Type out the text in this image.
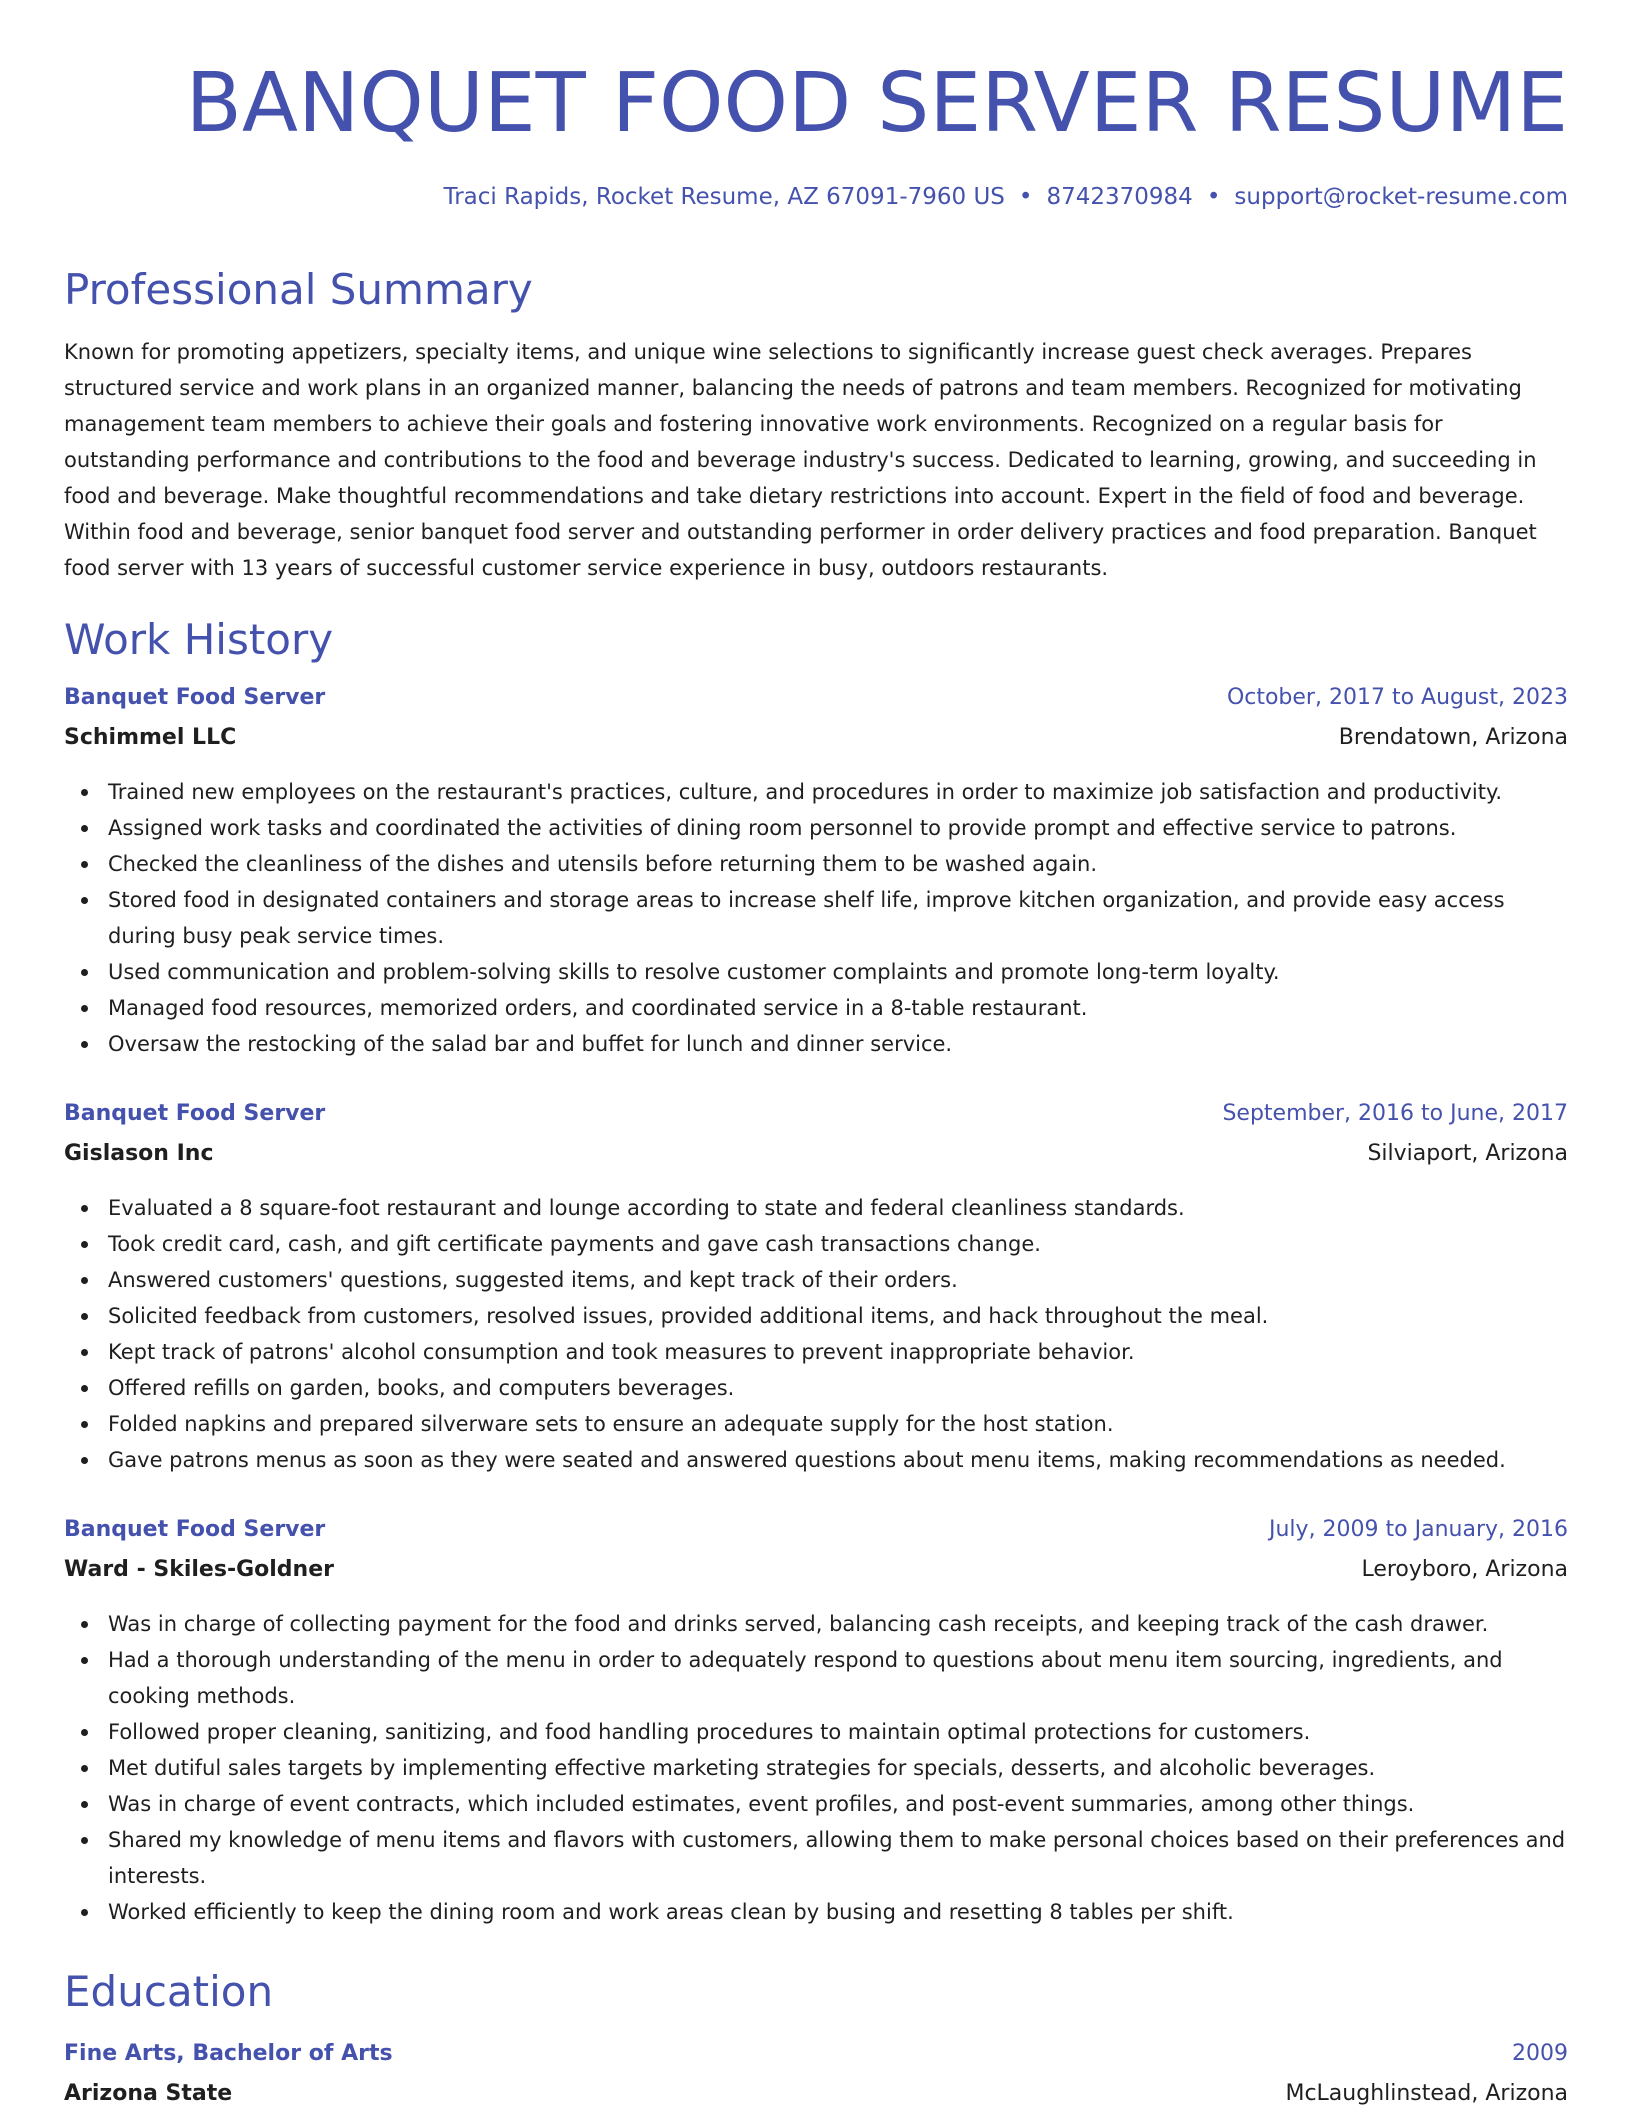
BANQUET FOOD SERVER RESUME
Traci Rapids, Rocket Resume, AZ 67091-7960 US • 8742370984 • support@rocket-resume.com
Professional Summary

Known for promoting appetizers, specialty items, and unique wine selections to significantly increase guest check averages. Prepares structured service and work plans in an organized manner, balancing the needs of patrons and team members. Recognized for motivating management team members to achieve their goals and fostering innovative work environments. Recognized on a regular basis for outstanding performance and contributions to the food and beverage industry's success. Dedicated to learning, growing, and succeeding in food and beverage. Make thoughtful recommendations and take dietary restrictions into account. Expert in the field of food and beverage. Within food and beverage, senior banquet food server and outstanding performer in order delivery practices and food preparation. Banquet food server with 13 years of successful customer service experience in busy, outdoors restaurants.

Work History
Banquet Food Server	October, 2017 to August, 2023
Schimmel LLC	Brendatown, Arizona
Trained new employees on the restaurant's practices, culture, and procedures in order to maximize job satisfaction and productivity.
Assigned work tasks and coordinated the activities of dining room personnel to provide prompt and effective service to patrons.
Checked the cleanliness of the dishes and utensils before returning them to be washed again.
Stored food in designated containers and storage areas to increase shelf life, improve kitchen organization, and provide easy access during busy peak service times.
Used communication and problem-solving skills to resolve customer complaints and promote long-term loyalty.
Managed food resources, memorized orders, and coordinated service in a 8-table restaurant.
Oversaw the restocking of the salad bar and buffet for lunch and dinner service.
Banquet Food Server	September, 2016 to June, 2017
Gislason Inc	Silviaport, Arizona
Evaluated a 8 square-foot restaurant and lounge according to state and federal cleanliness standards.
Took credit card, cash, and gift certificate payments and gave cash transactions change.
Answered customers' questions, suggested items, and kept track of their orders.
Solicited feedback from customers, resolved issues, provided additional items, and hack throughout the meal.
Kept track of patrons' alcohol consumption and took measures to prevent inappropriate behavior.
Offered refills on garden, books, and computers beverages.
Folded napkins and prepared silverware sets to ensure an adequate supply for the host station.
Gave patrons menus as soon as they were seated and answered questions about menu items, making recommendations as needed.
Banquet Food Server	July, 2009 to January, 2016
Ward - Skiles-Goldner	Leroyboro, Arizona
Was in charge of collecting payment for the food and drinks served, balancing cash receipts, and keeping track of the cash drawer.
Had a thorough understanding of the menu in order to adequately respond to questions about menu item sourcing, ingredients, and cooking methods.
Followed proper cleaning, sanitizing, and food handling procedures to maintain optimal protections for customers.
Met dutiful sales targets by implementing effective marketing strategies for specials, desserts, and alcoholic beverages.
Was in charge of event contracts, which included estimates, event profiles, and post-event summaries, among other things.
Shared my knowledge of menu items and flavors with customers, allowing them to make personal choices based on their preferences and interests.
Worked efficiently to keep the dining room and work areas clean by busing and resetting 8 tables per shift.
Education
Fine Arts, Bachelor of Arts	2009
Arizona State	McLaughlinstead, Arizona
